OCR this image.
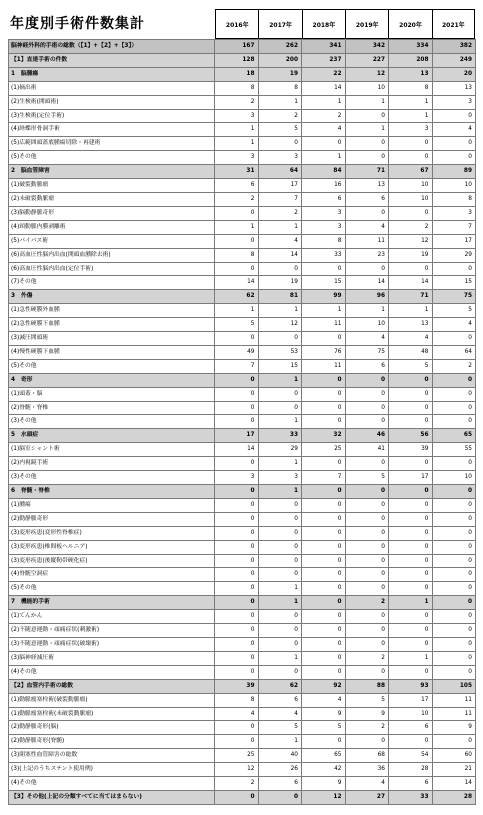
年度別手術件数集計	2016年	2017年	2018年	2019年	2020年	2021年
脳神経外科的手術の総数（【1】+【2】+【3】）	167	262	341	342	334	382
【1】直達手術の件数	128	200	237	227	208	249
1　脳腫瘍	18	19	22	12	13	20
(1)摘出術	8	8	14	10	8	13
(2)生検術(開頭術)	2	1	1	1	1	3
(3)生検術(定位手術)	3	2	2	0	1	0
(4)経蝶形骨洞手術	1	5	4	1	3	4
(5)広範囲頭蓋底腫瘍切除・再建術	1	0	0	0	0	0
(5)その他	3	3	1	0	0	0
2　脳血管障害	31	64	84	71	67	89
(1)破裂動脈瘤	6	17	16	13	10	10
(2)未破裂動脈瘤	2	7	6	6	10	8
(3)脳動静脈奇形	0	2	3	0	0	3
(4)頸動脈内膜剥離術	1	1	3	4	2	7
(5)バイパス術	0	4	8	11	12	17
(6)高血圧性脳内出血(開頭血腫除去術)	8	14	33	23	19	29
(6)高血圧性脳内出血(定位手術)	0	0	0	0	0	0
(7)その他	14	19	15	14	14	15
3　外傷	62	81	99	96	71	75
(1)急性硬膜外血腫	1	1	1	1	1	5
(2)急性硬膜下血腫	5	12	11	10	13	4
(3)減圧開頭術	0	0	0	4	4	0
(4)慢性硬膜下血腫	49	53	76	75	48	64
(5)その他	7	15	11	6	5	2
4　奇形	0	1	0	0	0	0
(1)頭蓋・脳	0	0	0	0	0	0
(2)脊髄・脊椎	0	0	0	0	0	0
(3)その他	0	1	0	0	0	0
5　水頭症	17	33	32	46	56	65
(1)脳室シャント術	14	29	25	41	39	55
(2)内視鏡手術	0	1	0	0	0	0
(3)その他	3	3	7	5	17	10
6　脊髄・脊椎	0	1	0	0	0	0
(1)腫瘍	0	0	0	0	0	0
(2)動静脈奇形	0	0	0	0	0	0
(3)変形疾患(変形性脊椎症)	0	0	0	0	0	0
(3)変形疾患(椎間板ヘルニア)	0	0	0	0	0	0
(3)変形疾患(後縦靭帯硬化症)	0	0	0	0	0	0
(4)脊髄空洞症	0	0	0	0	0	0
(5)その他	0	1	0	0	0	0
7　機能的手術	0	1	0	2	1	0
(1)てんかん	0	0	0	0	0	0
(2)不随意運動・頑痛症状(刺激術)	0	0	0	0	0	0
(3)不随意運動・頑痛症状(破壊術)	0	0	0	0	0	0
(3)脳神経減圧術	0	1	0	2	1	0
(4)その他	0	0	0	0	0	0
【2】血管内手術の総数	39	62	92	88	93	105
(1)動脈瘤塞栓術(破裂動脈瘤)	8	6	4	5	17	11
(1)動脈瘤塞栓術(未破裂動脈瘤)	4	4	9	9	10	11
(2)動静脈奇形(脳)	0	5	5	2	6	9
(2)動静脈奇形(脊髄)	0	1	0	0	0	0
(3)閉塞性血管障害の総数	25	40	65	68	54	60
(3)(上記のうちステント使用例)	12	26	42	36	28	21
(4)その他	2	6	9	4	6	14
【3】その他(上記の分類すべてに当てはまらない)	0	0	12	27	33	28
